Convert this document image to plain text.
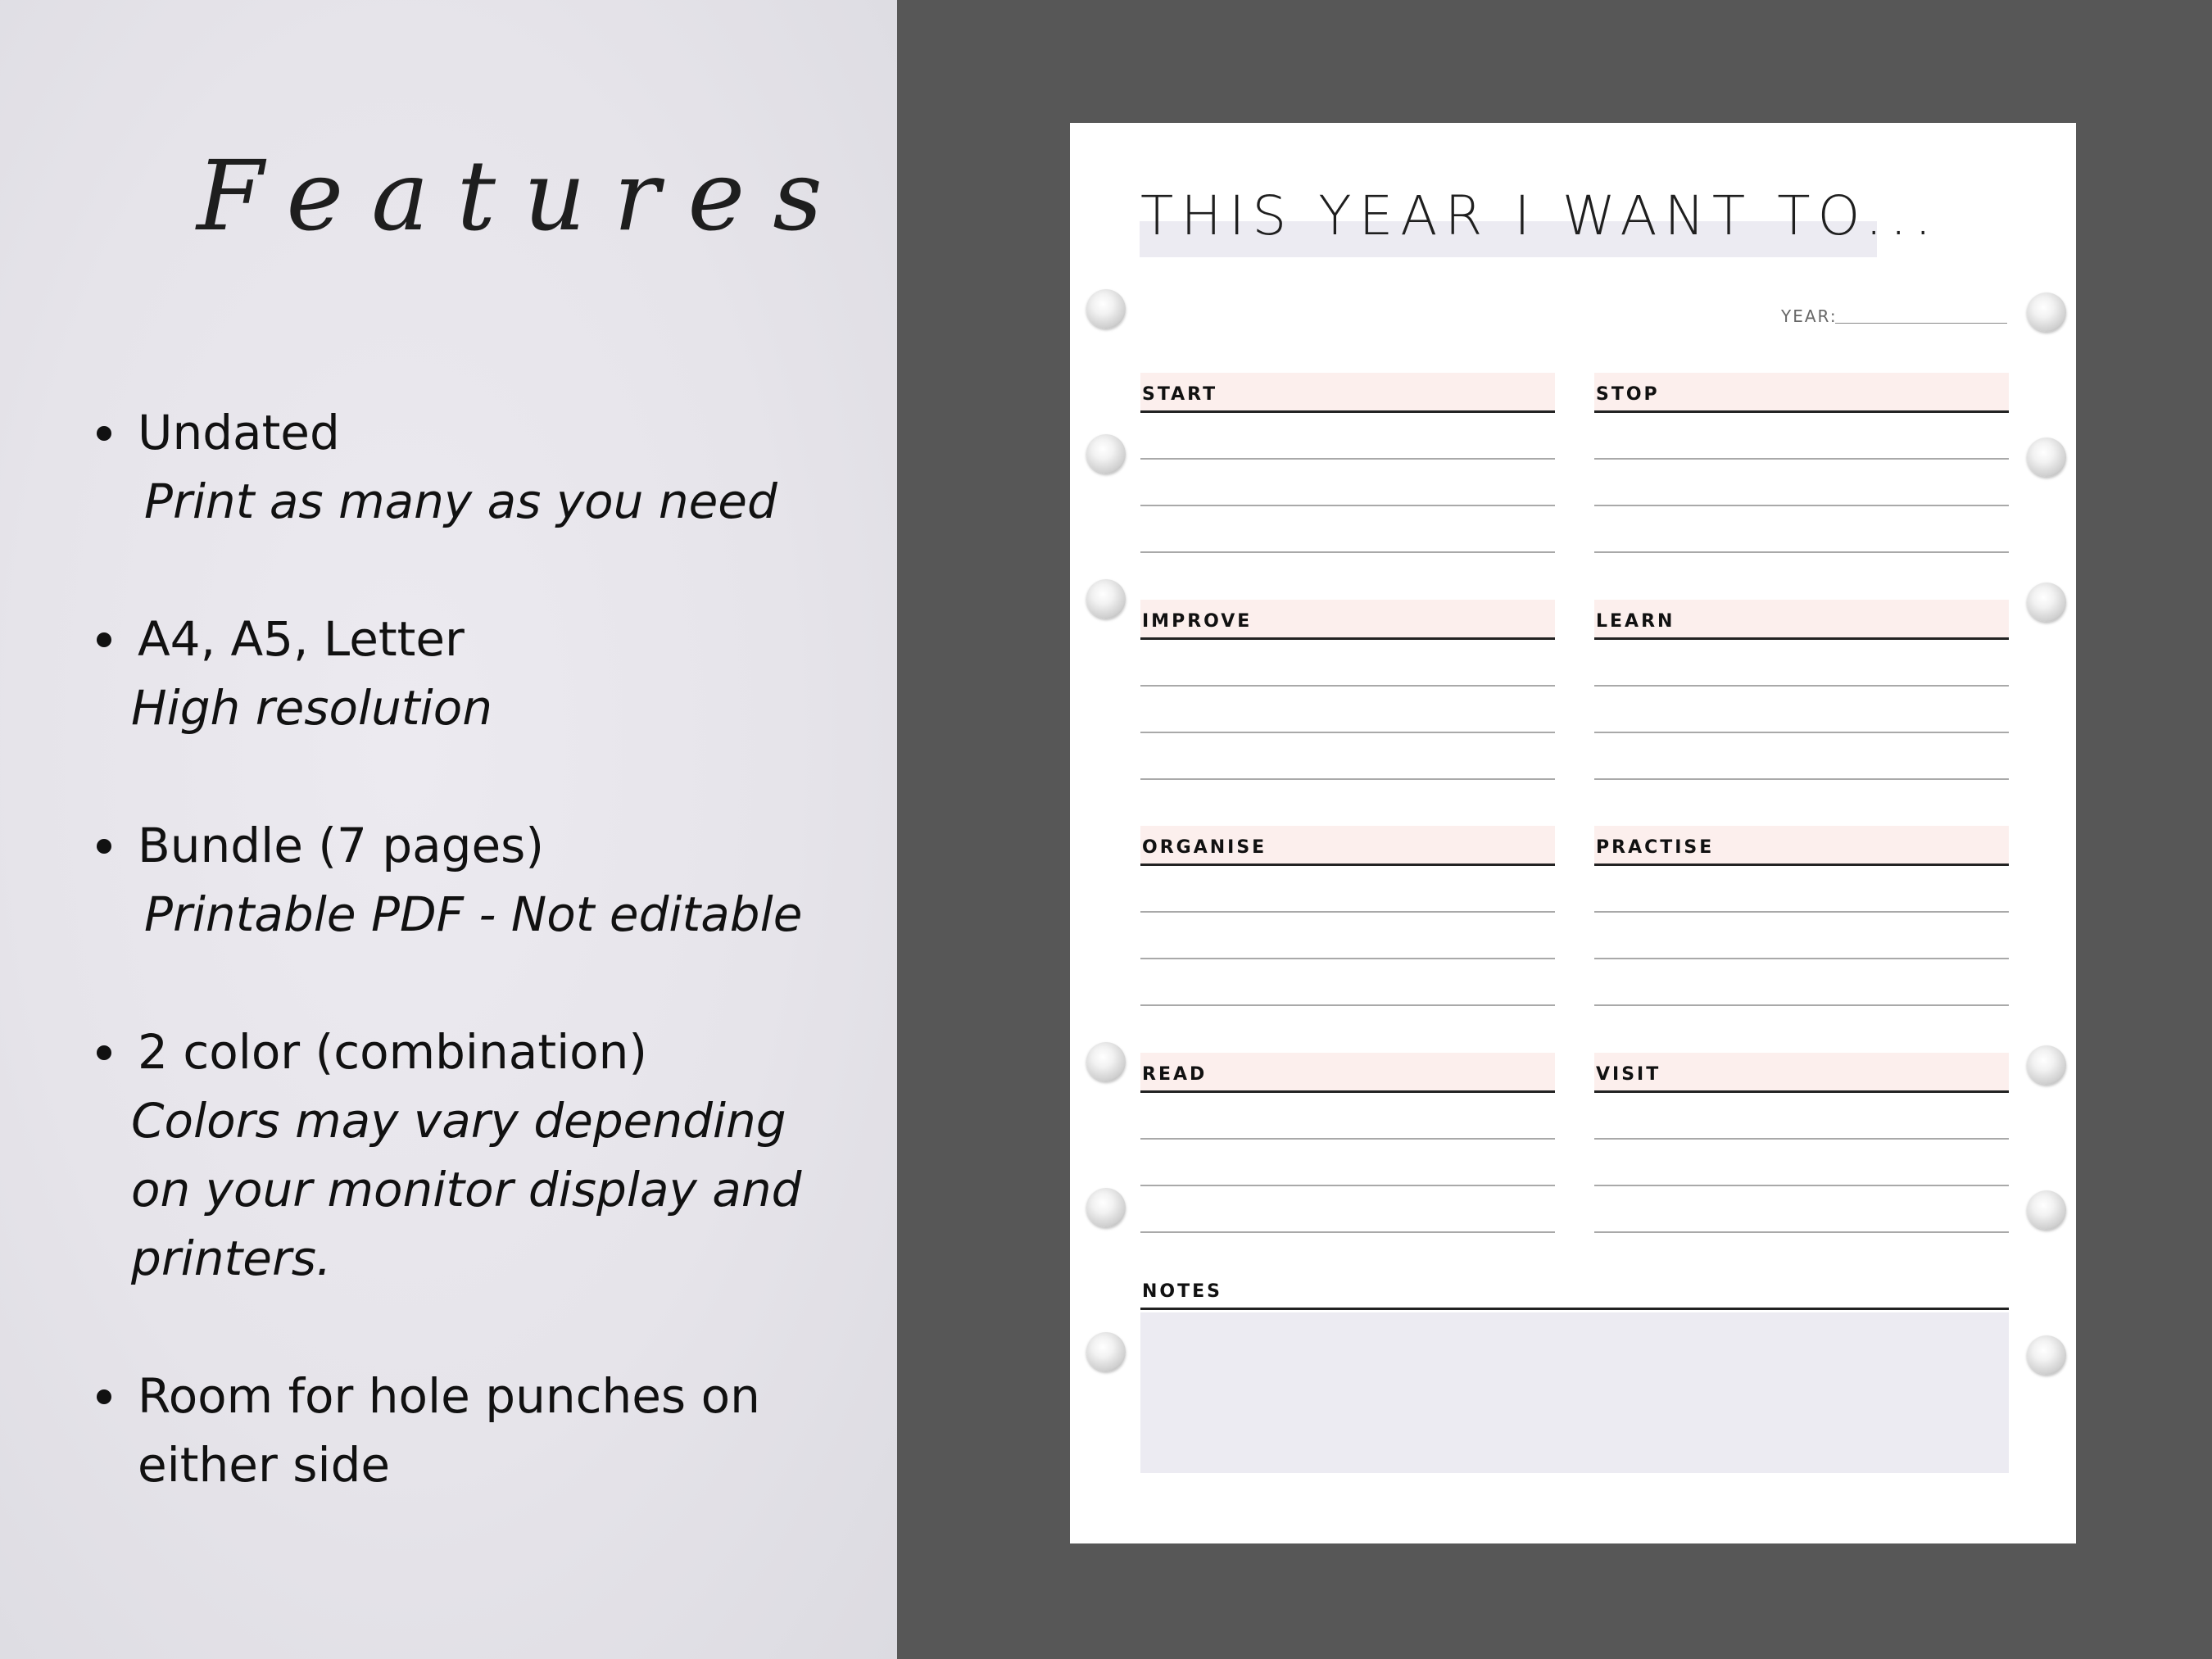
Features
Undated
Print as many as you need
A4, A5, Letter
High resolution
Bundle (7 pages)
Printable PDF - Not editable
2 color (combination)
Colors may vary depending
on your monitor display and
printers.
Room for hole punches on
either side
THIS YEAR I WANT TO...
YEAR:
START	STOP
IMPROVE	LEARN
ORGANISE	PRACTISE
READ	VISIT
NOTES
